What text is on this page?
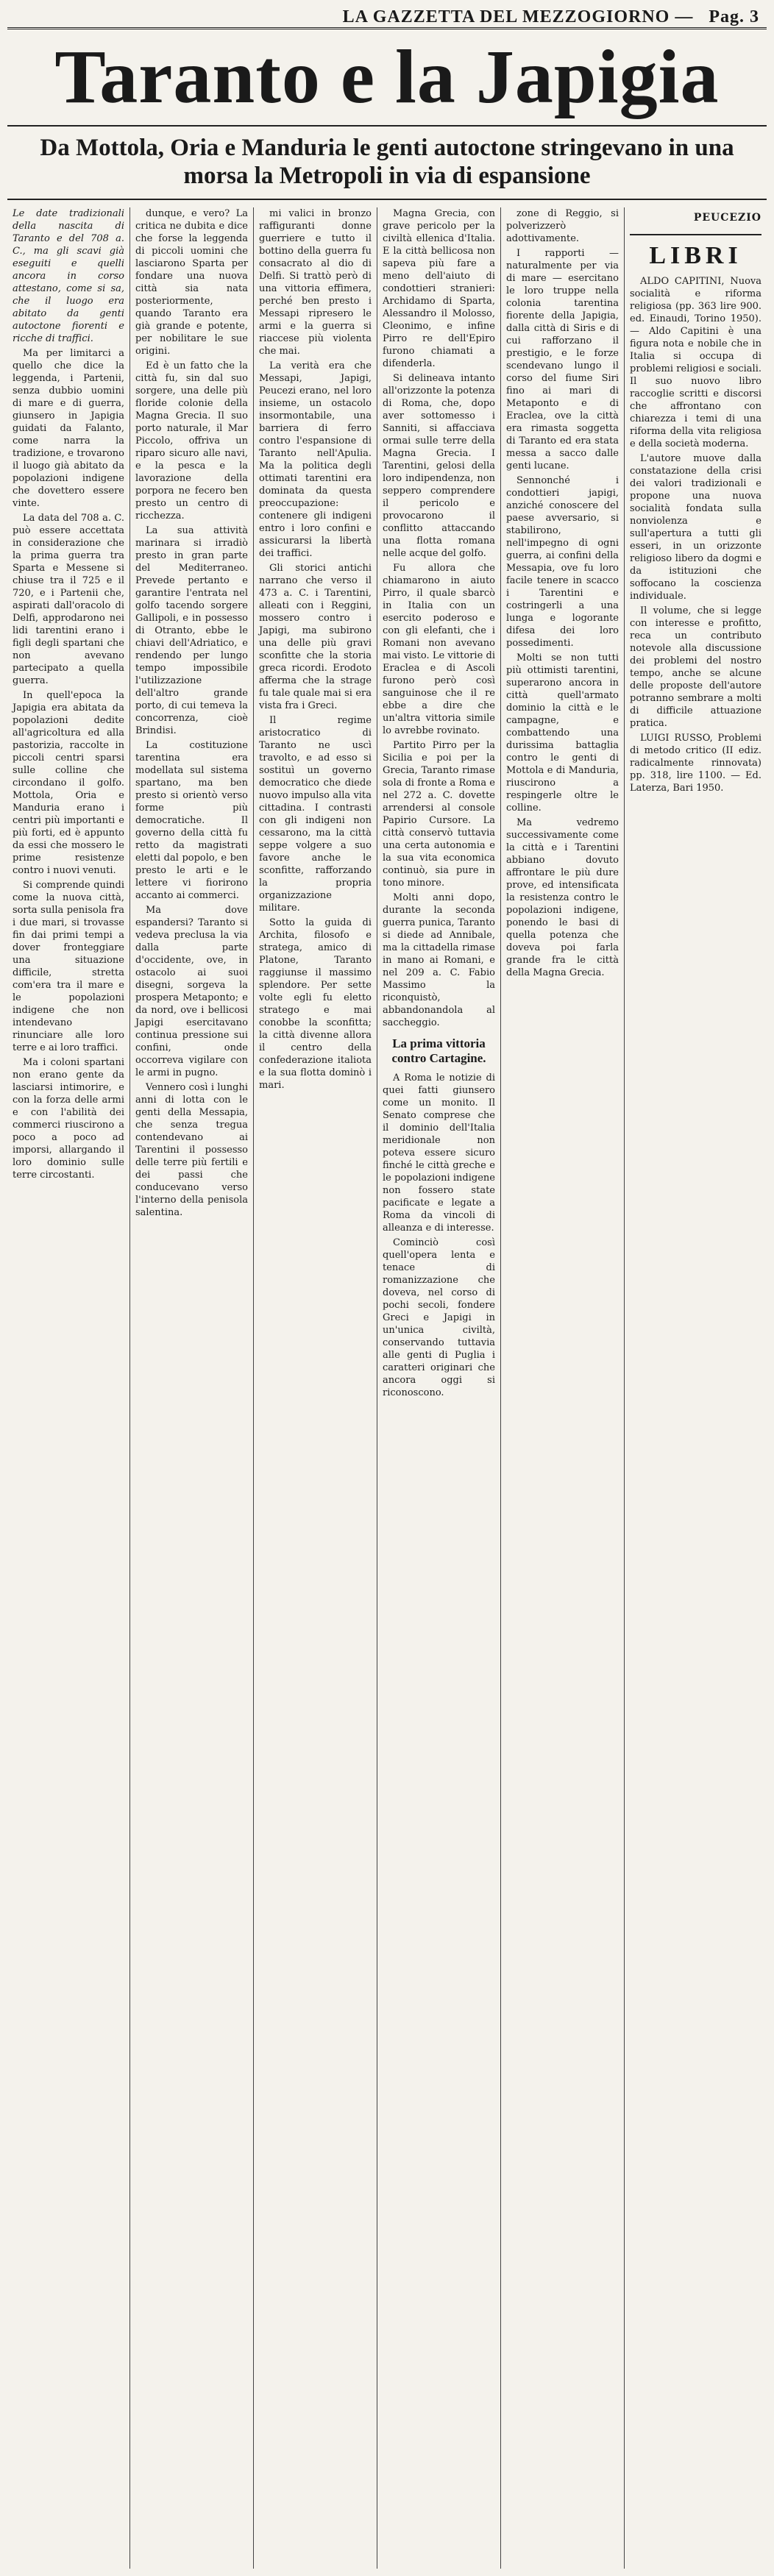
LA GAZZETTA DEL MEZZOGIORNO
—
Pag. 3
Taranto e la Japigia
Da Mottola, Oria e Manduria le genti autoctone stringevano in una morsa la Metropoli in via di espansione

Le date tradizionali della nascita di Taranto e del 708 a. C., ma gli scavi già eseguiti e quelli ancora in corso attestano, come si sa, che il luogo era abitato da genti autoctone fiorenti e ricche di traffici.

Ma per limitarci a quello che dice la leggenda, i Partenii, senza dubbio uomini di mare e di guerra, giunsero in Japigia guidati da Falanto, come narra la tradizione, e trovarono il luogo già abitato da popolazioni indigene che dovettero essere vinte.

La data del 708 a. C. può essere accettata in considerazione che la prima guerra tra Sparta e Messene si chiuse tra il 725 e il 720, e i Partenii che, aspirati dall'oracolo di Delfi, approdarono nei lidi tarentini erano i figli degli spartani che non avevano partecipato a quella guerra.

In quell'epoca la Japigia era abitata da popolazioni dedite all'agricoltura ed alla pastorizia, raccolte in piccoli centri sparsi sulle colline che circondano il golfo. Mottola, Oria e Manduria erano i centri più importanti e più forti, ed è appunto da essi che mossero le prime resistenze contro i nuovi venuti.

Si comprende quindi come la nuova città, sorta sulla penisola fra i due mari, si trovasse fin dai primi tempi a dover fronteggiare una situazione difficile, stretta com'era tra il mare e le popolazioni indigene che non intendevano rinunciare alle loro terre e ai loro traffici.

Ma i coloni spartani non erano gente da lasciarsi intimorire, e con la forza delle armi e con l'abilità dei commerci riuscirono a poco a poco ad imporsi, allargando il loro dominio sulle terre circostanti.

dunque, e vero? La critica ne dubita e dice che forse la leggenda di piccoli uomini che lasciarono Sparta per fondare una nuova città sia nata posteriormente, quando Taranto era già grande e potente, per nobilitare le sue origini.

Ed è un fatto che la città fu, sin dal suo sorgere, una delle più floride colonie della Magna Grecia. Il suo porto naturale, il Mar Piccolo, offriva un riparo sicuro alle navi, e la pesca e la lavorazione della porpora ne fecero ben presto un centro di ricchezza.

La sua attività marinara si irradiò presto in gran parte del Mediterraneo. Prevede pertanto e garantire l'entrata nel golfo tacendo sorgere Gallipoli, e in possesso di Otranto, ebbe le chiavi dell'Adriatico, e rendendo per lungo tempo impossibile l'utilizzazione dell'altro grande porto, di cui temeva la concorrenza, cioè Brindisi.

La costituzione tarentina era modellata sul sistema spartano, ma ben presto si orientò verso forme più democratiche. Il governo della città fu retto da magistrati eletti dal popolo, e ben presto le arti e le lettere vi fiorirono accanto ai commerci.

Ma dove espandersi? Taranto si vedeva preclusa la via dalla parte d'occidente, ove, in ostacolo ai suoi disegni, sorgeva la prospera Metaponto; e da nord, ove i bellicosi Japigi esercitavano continua pressione sui confini, onde occorreva vigilare con le armi in pugno.

Vennero così i lunghi anni di lotta con le genti della Messapia, che senza tregua contendevano ai Tarentini il possesso delle terre più fertili e dei passi che conducevano verso l'interno della penisola salentina.

mi valici in bronzo raffiguranti donne guerriere e tutto il bottino della guerra fu consacrato al dio di Delfi. Si trattò però di una vittoria effimera, perché ben presto i Messapi ripresero le armi e la guerra si riaccese più violenta che mai.

La verità era che Messapi, Japigi, Peucezi erano, nel loro insieme, un ostacolo insormontabile, una barriera di ferro contro l'espansione di Taranto nell'Apulia. Ma la politica degli ottimati tarentini era dominata da questa preoccupazione: contenere gli indigeni entro i loro confini e assicurarsi la libertà dei traffici.

Gli storici antichi narrano che verso il 473 a. C. i Tarentini, alleati con i Reggini, mossero contro i Japigi, ma subirono una delle più gravi sconfitte che la storia greca ricordi. Erodoto afferma che la strage fu tale quale mai si era vista fra i Greci.

Il regime aristocratico di Taranto ne uscì travolto, e ad esso si sostituì un governo democratico che diede nuovo impulso alla vita cittadina. I contrasti con gli indigeni non cessarono, ma la città seppe volgere a suo favore anche le sconfitte, rafforzando la propria organizzazione militare.

Sotto la guida di Archita, filosofo e stratega, amico di Platone, Taranto raggiunse il massimo splendore. Per sette volte egli fu eletto stratego e mai conobbe la sconfitta; la città divenne allora il centro della confederazione italiota e la sua flotta dominò i mari.

Magna Grecia, con grave pericolo per la civiltà ellenica d'Italia. E la città bellicosa non sapeva più fare a meno dell'aiuto di condottieri stranieri: Archidamo di Sparta, Alessandro il Molosso, Cleonimo, e infine Pirro re dell'Epiro furono chiamati a difenderla.

Si delineava intanto all'orizzonte la potenza di Roma, che, dopo aver sottomesso i Sanniti, si affacciava ormai sulle terre della Magna Grecia. I Tarentini, gelosi della loro indipendenza, non seppero comprendere il pericolo e provocarono il conflitto attaccando una flotta romana nelle acque del golfo.

Fu allora che chiamarono in aiuto Pirro, il quale sbarcò in Italia con un esercito poderoso e con gli elefanti, che i Romani non avevano mai visto. Le vittorie di Eraclea e di Ascoli furono però così sanguinose che il re ebbe a dire che un'altra vittoria simile lo avrebbe rovinato.

Partito Pirro per la Sicilia e poi per la Grecia, Taranto rimase sola di fronte a Roma e nel 272 a. C. dovette arrendersi al console Papirio Cursore. La città conservò tuttavia una certa autonomia e la sua vita economica continuò, sia pure in tono minore.

Molti anni dopo, durante la seconda guerra punica, Taranto si diede ad Annibale, ma la cittadella rimase in mano ai Romani, e nel 209 a. C. Fabio Massimo la riconquistò, abbandonandola al saccheggio.

La prima vittoria contro Cartagine.

A Roma le notizie di quei fatti giunsero come un monito. Il Senato comprese che il dominio dell'Italia meridionale non poteva essere sicuro finché le città greche e le popolazioni indigene non fossero state pacificate e legate a Roma da vincoli di alleanza e di interesse.

Cominciò così quell'opera lenta e tenace di romanizzazione che doveva, nel corso di pochi secoli, fondere Greci e Japigi in un'unica civiltà, conservando tuttavia alle genti di Puglia i caratteri originari che ancora oggi si riconoscono.

zone di Reggio, si polverizzerò adottivamente.

I rapporti — naturalmente per via di mare — esercitano le loro truppe nella colonia tarentina fiorente della Japigia, dalla città di Siris e di cui rafforzano il prestigio, e le forze scendevano lungo il corso del fiume Siri fino ai mari di Metaponto e di Eraclea, ove la città era rimasta soggetta di Taranto ed era stata messa a sacco dalle genti lucane.

Sennonché i condottieri japigi, anziché conoscere del paese avversario, si stabilirono, nell'impegno di ogni guerra, ai confini della Messapia, ove fu loro facile tenere in scacco i Tarentini e costringerli a una lunga e logorante difesa dei loro possedimenti.

Molti se non tutti più ottimisti tarentini, superarono ancora in città quell'armato dominio la città e le campagne, e combattendo una durissima battaglia contro le genti di Mottola e di Manduria, riuscirono a respingerle oltre le colline.

Ma vedremo successivamente come la città e i Tarentini abbiano dovuto affrontare le più dure prove, ed intensificata la resistenza contro le popolazioni indigene, ponendo le basi di quella potenza che doveva poi farla grande fra le città della Magna Grecia.

PEUCEZIO
LIBRI

ALDO CAPITINI, Nuova socialità e riforma religiosa (pp. 363 lire 900. ed. Einaudi, Torino 1950). — Aldo Capitini è una figura nota e nobile che in Italia si occupa di problemi religiosi e sociali. Il suo nuovo libro raccoglie scritti e discorsi che affrontano con chiarezza i temi di una riforma della vita religiosa e della società moderna.

L'autore muove dalla constatazione della crisi dei valori tradizionali e propone una nuova socialità fondata sulla nonviolenza e sull'apertura a tutti gli esseri, in un orizzonte religioso libero da dogmi e da istituzioni che soffocano la coscienza individuale.

Il volume, che si legge con interesse e profitto, reca un contributo notevole alla discussione dei problemi del nostro tempo, anche se alcune delle proposte dell'autore potranno sembrare a molti di difficile attuazione pratica.

LUIGI RUSSO, Problemi di metodo critico (II ediz. radicalmente rinnovata) pp. 318, lire 1100. — Ed. Laterza, Bari 1950.
